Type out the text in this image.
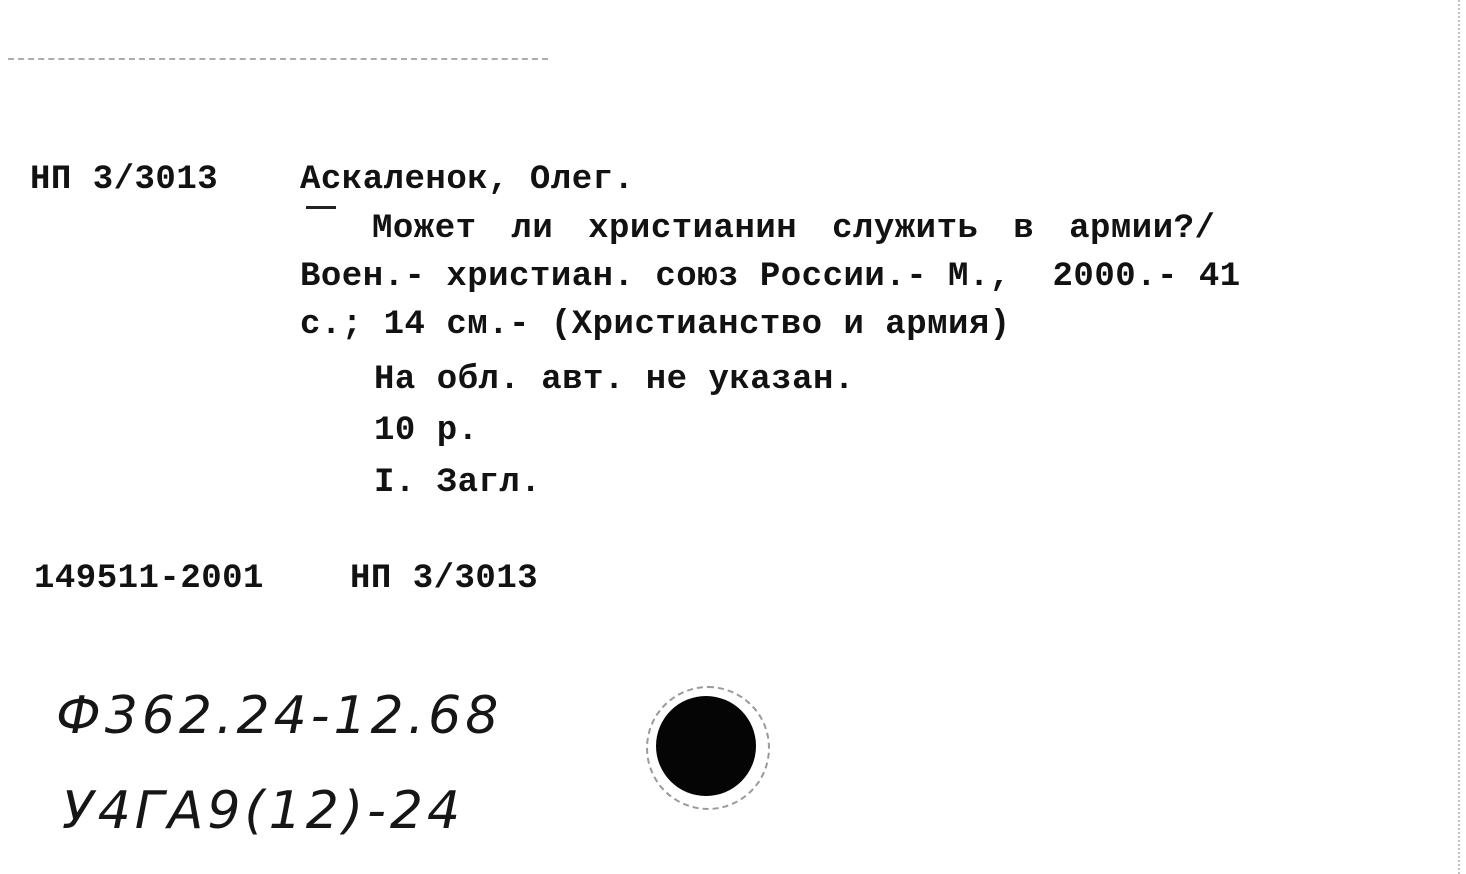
НП 3/3013 Аскаленок, Олег.
Может ли христианин служить в армии?/
Воен.- христиан. союз России.- М.,  2000.- 41
с.; 14 см.- (Христианство и армия)
На обл. авт. не указан.
10 р.
I. Загл.
149511-2001	НП 3/3013
Ф362.24-12.68
У4ГА9(12)-24
